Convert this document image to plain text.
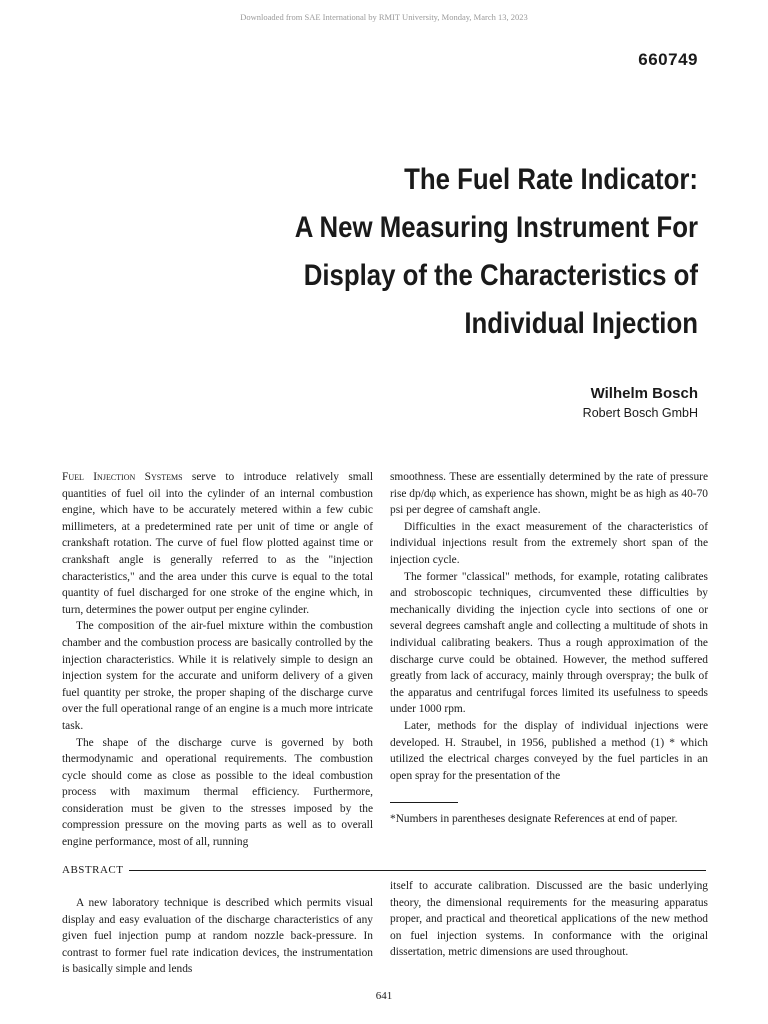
Downloaded from SAE International by RMIT University, Monday, March 13, 2023
660749
The Fuel Rate Indicator:
A New Measuring Instrument For
Display of the Characteristics of
Individual Injection
Wilhelm Bosch
Robert Bosch GmbH

Fuel Injection Systems serve to introduce relatively small quantities of fuel oil into the cylinder of an internal combustion engine, which have to be accurately metered within a few cubic millimeters, at a predetermined rate per unit of time or angle of crankshaft rotation. The curve of fuel flow plotted against time or crankshaft angle is generally referred to as the "injection characteristics," and the area under this curve is equal to the total quantity of fuel discharged for one stroke of the engine which, in turn, determines the power output per engine cylinder.

The composition of the air-fuel mixture within the combustion chamber and the combustion process are basically controlled by the injection characteristics. While it is relatively simple to design an injection system for the accurate and uniform delivery of a given fuel quantity per stroke, the proper shaping of the discharge curve over the full operational range of an engine is a much more intricate task.

The shape of the discharge curve is governed by both thermodynamic and operational requirements. The combustion cycle should come as close as possible to the ideal combustion process with maximum thermal efficiency. Furthermore, consideration must be given to the stresses imposed by the compression pressure on the moving parts as well as to overall engine performance, most of all, running

smoothness. These are essentially determined by the rate of pressure rise dp/dφ which, as experience has shown, might be as high as 40-70 psi per degree of camshaft angle.

Difficulties in the exact measurement of the characteristics of individual injections result from the extremely short span of the injection cycle.

The former "classical" methods, for example, rotating calibrates and stroboscopic techniques, circumvented these difficulties by mechanically dividing the injection cycle into sections of one or several degrees camshaft angle and collecting a multitude of shots in individual calibrating beakers. Thus a rough approximation of the discharge curve could be obtained. However, the method suffered greatly from lack of accuracy, mainly through overspray; the bulk of the apparatus and centrifugal forces limited its usefulness to speeds under 1000 rpm.

Later, methods for the display of individual injections were developed. H. Straubel, in 1956, published a method (1) * which utilized the electrical charges conveyed by the fuel particles in an open spray for the presentation of the

*Numbers in parentheses designate References at end of paper.
ABSTRACT

A new laboratory technique is described which permits visual display and easy evaluation of the discharge characteristics of any given fuel injection pump at random nozzle back-pressure. In contrast to former fuel rate indication devices, the instrumentation is basically simple and lends

itself to accurate calibration. Discussed are the basic underlying theory, the dimensional requirements for the measuring apparatus proper, and practical and theoretical applications of the new method on fuel injection systems. In conformance with the original dissertation, metric dimensions are used throughout.

641
